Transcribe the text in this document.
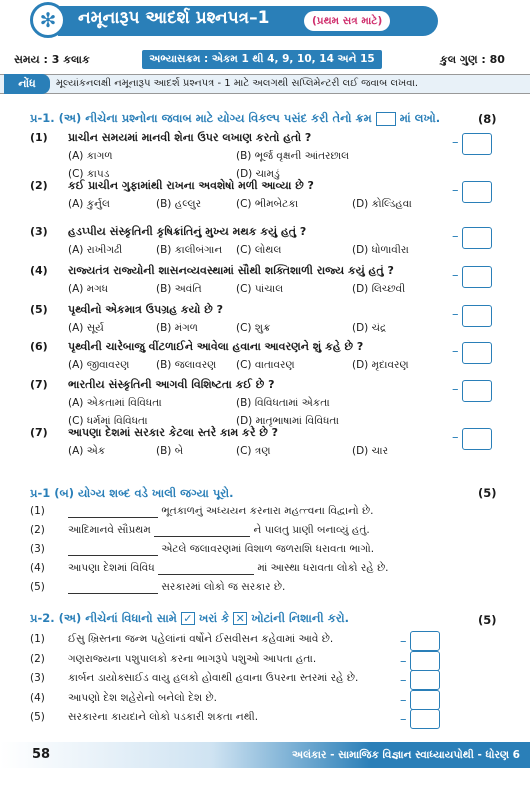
✻	નમૂનારૂપ આદર્શ પ્રશ્નપત્ર–1	(પ્રથમ સત્ર માટે)
સમય : 3 કલાક	અભ્યાસક્રમ : એકમ 1 થી 4, 9, 10, 14 અને 15	કુલ ગુણ : 80
નોંધ	મૂલ્યાંકનલક્ષી નમૂનારૂપ આદર્શ પ્રશ્નપત્ર - 1 માટે અલગથી સપ્લિમેન્ટરી લઈ જવાબ લખવા.
પ્ર-1. (અ) નીચેના પ્રશ્નોના જવાબ માટે યોગ્ય વિકલ્પ પસંદ કરી તેનો ક્રમ માં લખો.	(8)
(1) પ્રાચીન સમયમાં માનવી શેના ઉપર લખાણ કરતો હતો ?	–
(A) કાગળ	(B) ભૂર્જ વૃક્ષની આંતરછાલ
(C) કાપડ	(D) ચામડું
(2) કઈ પ્રાચીન ગુફામાંથી રાખના અવશેષો મળી આવ્યા છે ?	–
(A) કુર્નુલ	(B) હલ્લુર	(C) ભીમબેટકા	(D) કોલ્ડિહવા
(3) હડપ્પીય સંસ્કૃતિની કૃષિક્રાંતિનું મુખ્ય મથક કયું હતું ?	–
(A) રાખીગઢી	(B) કાલીબંગાન (C) લોથલ	(D) ધોળાવીરા
(4) રાજ્યતંત્ર રાજ્યોની શાસનવ્યવસ્થામાં સૌથી શક્તિશાળી રાજ્ય કયું હતું ?	–
(A) મગધ	(B) અવંતિ	(C) પાંચાલ	(D) લિચ્છવી
(5) પૃથ્વીનો એકમાત્ર ઉપગ્રહ કયો છે ?	–
(A) સૂર્ય	(B) મંગળ	(C) શુક્ર	(D) ચંદ્ર
(6) પૃથ્વીની ચારેબાજુ વીંટળાઈને આવેલા હવાના આવરણને શું કહે છે ?	–
(A) જીવાવરણ	(B) જલાવરણ (C) વાતાવરણ	(D) મૃદાવરણ
(7) ભારતીય સંસ્કૃતિની આગવી વિશિષ્ટતા કઈ છે ?	–
(A) એકતામાં વિવિધતા	(B) વિવિધતામાં એકતા
(C) ધર્મમાં વિવિધતા	(D) માતૃભાષામાં વિવિધતા
(7) આપણા દેશમાં સરકાર કેટલા સ્તરે કામ કરે છે ?	–
(A) એક	(B) બે	(C) ત્રણ	(D) ચાર
પ્ર-1 (બ) યોગ્ય શબ્દ વડે ખાલી જગ્યા પૂરો.	(5)
(1)	ભૂતકાળનું અધ્યયન કરનારા મહત્ત્વના વિદ્વાનો છે.
(2) આદિમાનવે સૌપ્રથમ	ને પાલતુ પ્રાણી બનાવ્યું હતું.
(3)	એટલે જલાવરણમાં વિશાળ જળરાશિ ધરાવતા ભાગો.
(4) આપણા દેશમાં વિવિધ	માં આસ્થા ધરાવતા લોકો રહે છે.
(5)	સરકારમાં લોકો જ સરકાર છે.
પ્ર-2. (અ) નીચેનાં વિધાનો સામે ✓ ખરાં કે ✕ ખોટાંની નિશાની કરો.	(5)
(1) ઈસુ ખ્રિસ્તના જન્મ પહેલાંનાં વર્ષોને ઈસવીસન કહેવામાં આવે છે.	–
(2) ગણરાજ્યના પશુપાલકો કરના ભાગરૂપે પશુઓ આપતા હતા.	–
(3) કાર્બન ડાયોક્સાઈડ વાયુ હલકો હોવાથી હવાના ઉપરના સ્તરમાં રહે છે.	–
(4) આપણો દેશ શહેરોનો બનેલો દેશ છે.	–
(5) સરકારના કાયદાને લોકો પડકારી શકતા નથી.	–
58	અલંકાર - સામાજિક વિજ્ઞાન સ્વાધ્યાયપોથી - ધોરણ 6
